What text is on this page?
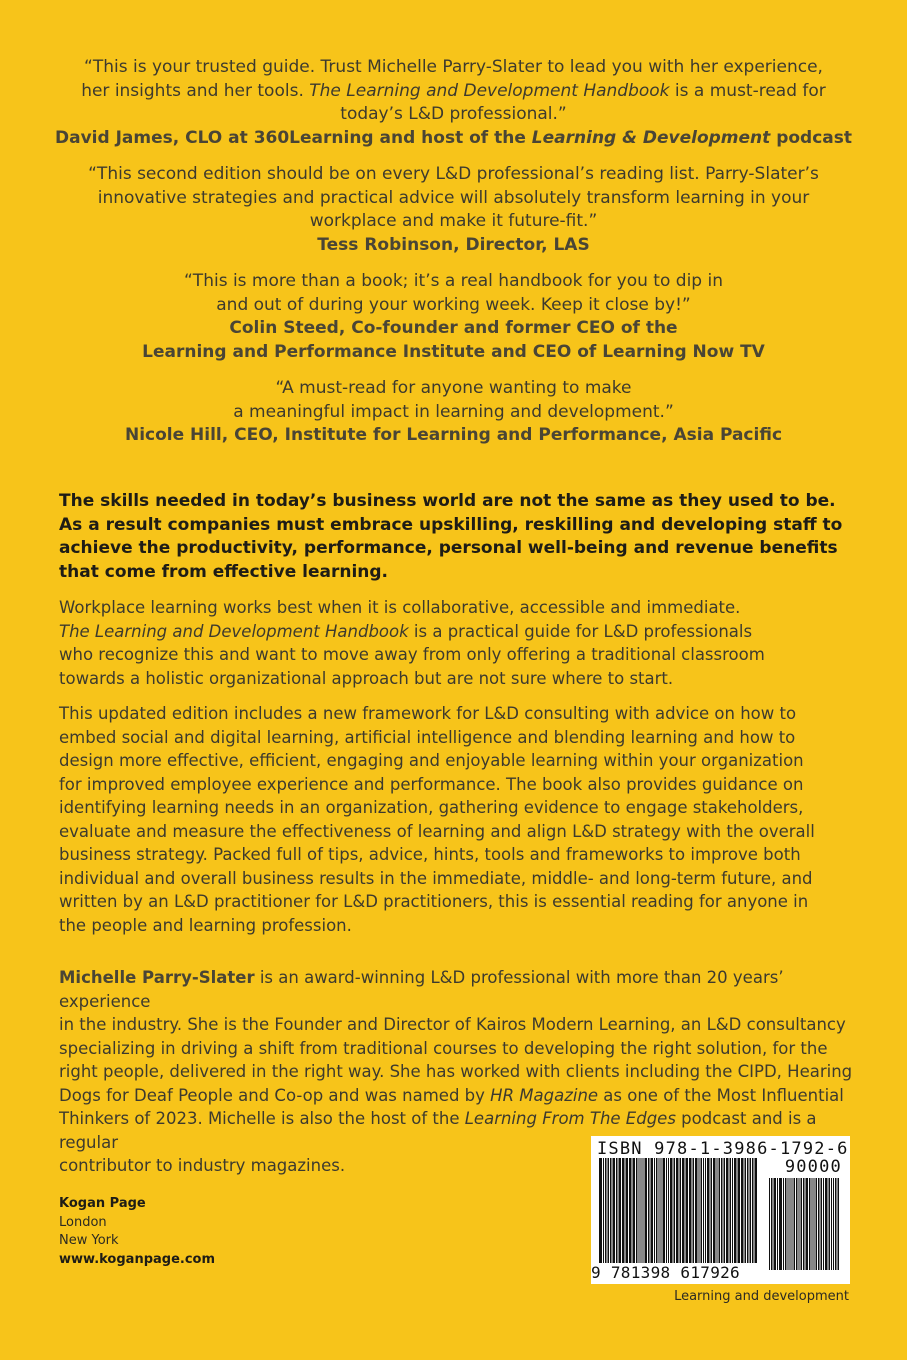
“This is your trusted guide. Trust Michelle Parry-Slater to lead you with her experience,
her insights and her tools. The Learning and Development Handbook is a must-read for
today’s L&D professional.”
David James, CLO at 360Learning and host of the Learning & Development podcast
“This second edition should be on every L&D professional’s reading list. Parry-Slater’s
innovative strategies and practical advice will absolutely transform learning in your
workplace and make it future-fit.”
Tess Robinson, Director, LAS
“This is more than a book; it’s a real handbook for you to dip in
and out of during your working week. Keep it close by!”
Colin Steed, Co-founder and former CEO of the
Learning and Performance Institute and CEO of Learning Now TV
“A must-read for anyone wanting to make
a meaningful impact in learning and development.”
Nicole Hill, CEO, Institute for Learning and Performance, Asia Pacific
The skills needed in today’s business world are not the same as they used to be.
As a result companies must embrace upskilling, reskilling and developing staff to
achieve the productivity, performance, personal well-being and revenue benefits
that come from effective learning.
Workplace learning works best when it is collaborative, accessible and immediate.
The Learning and Development Handbook is a practical guide for L&D professionals
who recognize this and want to move away from only offering a traditional classroom
towards a holistic organizational approach but are not sure where to start.
This updated edition includes a new framework for L&D consulting with advice on how to
embed social and digital learning, artificial intelligence and blending learning and how to
design more effective, efficient, engaging and enjoyable learning within your organization
for improved employee experience and performance. The book also provides guidance on
identifying learning needs in an organization, gathering evidence to engage stakeholders,
evaluate and measure the effectiveness of learning and align L&D strategy with the overall
business strategy. Packed full of tips, advice, hints, tools and frameworks to improve both
individual and overall business results in the immediate, middle- and long-term future, and
written by an L&D practitioner for L&D practitioners, this is essential reading for anyone in
the people and learning profession.
Michelle Parry-Slater is an award-winning L&D professional with more than 20 years’ experience
in the industry. She is the Founder and Director of Kairos Modern Learning, an L&D consultancy
specializing in driving a shift from traditional courses to developing the right solution, for the
right people, delivered in the right way. She has worked with clients including the CIPD, Hearing
Dogs for Deaf People and Co-op and was named by HR Magazine as one of the Most Influential
Thinkers of 2023. Michelle is also the host of the Learning From The Edges podcast and is a regular
contributor to industry magazines.
Kogan Page
London
New York
www.koganpage.com
ISBN 978-1-3986-1792-6
90000
9 781398 617926
Learning and development
